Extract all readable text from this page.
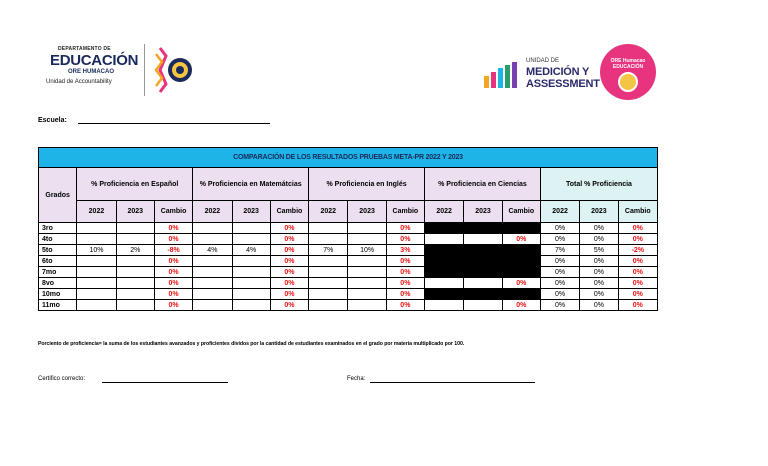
DEPARTAMENTO DE
EDUCACIÓN
ORE HUMACAO
Unidad de Accountability
UNIDAD DE
MEDICIÓN Y
ASSESSMENT
ORE Humacao
EDUCACIÓN
Escuela:
COMPARACIÓN DE LOS RESULTADOS PRUEBAS META-PR 2022 Y 2023															
Grados	% Proficiencia en Español			% Proficiencia en Matemátcias			% Proficiencia en Inglés			% Proficiencia en Ciencias			Total % Proficiencia		
	2022	2023	Cambio	2022	2023	Cambio	2022	2023	Cambio	2022	2023	Cambio	2022	2023	Cambio
3ro			0%			0%			0%				0%	0%	0%
4to			0%			0%			0%			0%	0%	0%	0%
5to	10%	2%	-8%	4%	4%	0%	7%	10%	3%				7%	5%	-2%
6to			0%			0%			0%				0%	0%	0%
7mo			0%			0%			0%				0%	0%	0%
8vo			0%			0%			0%			0%	0%	0%	0%
10mo			0%			0%			0%				0%	0%	0%
11mo			0%			0%			0%			0%	0%	0%	0%
Porciento de proficiencia= la suma de los estudiantes avanzados y proficientes dividos por la cantidad de estudiantes examinados en el grado por materia multiplicado por 100.
Certifico correcto:	Fecha:
